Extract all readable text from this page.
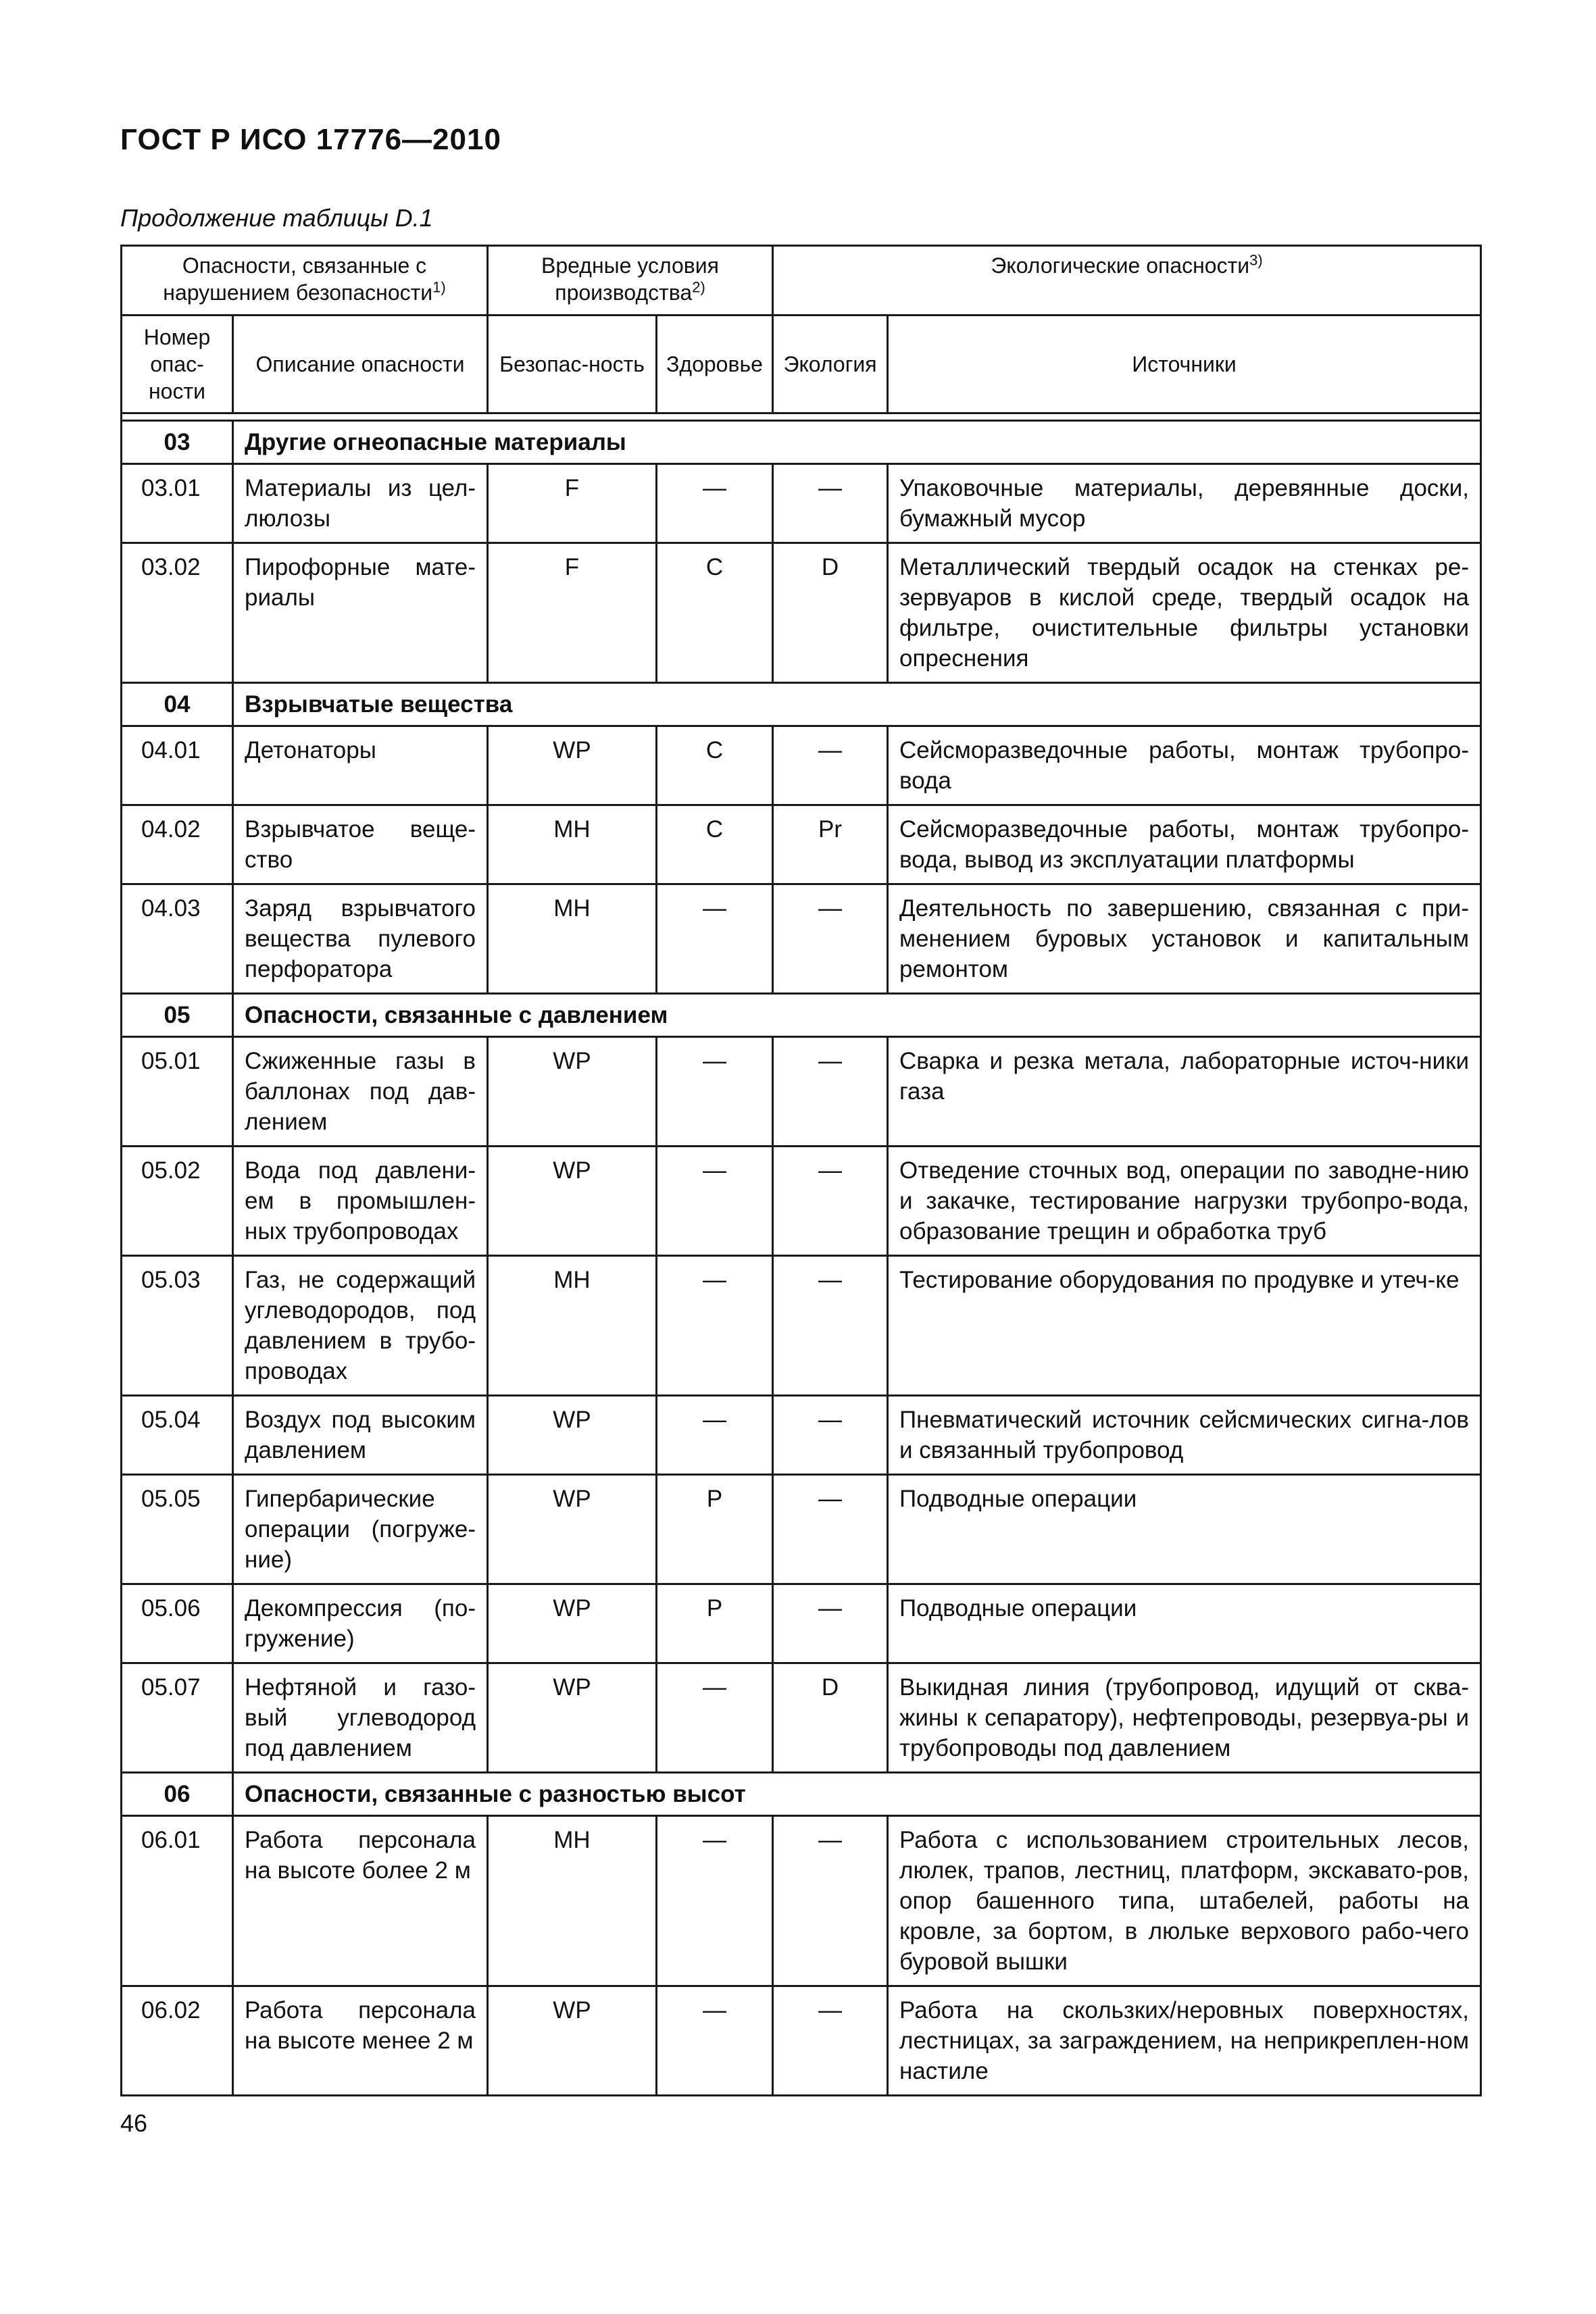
ГОСТ Р ИСО 17776—2010
Продолжение таблицы D.1
Опасности, связанные с нарушением безопасности$^{1)}$		Вредные условия производства$^{2)}$		Экологические опасности$^{3)}$
Номер опас-ности	Описание опасности	Безопас-ность	Здоровье	Экология	Источники

03	Другие огнеопасные материалы				
03.01	Материалы из цел-люлозы	F	—	—	Упаковочные материалы, деревянные доски, бумажный мусор
03.02	Пирофорные мате-риалы	F	C	D	Металлический твердый осадок на стенках ре-зервуаров в кислой среде, твердый осадок на фильтре, очистительные фильтры установки опреснения
04	Взрывчатые вещества				
04.01	Детонаторы	WP	C	—	Сейсморазведочные работы, монтаж трубопро-вода
04.02	Взрывчатое веще-ство	MH	C	Pr	Сейсморазведочные работы, монтаж трубопро-вода, вывод из эксплуатации платформы
04.03	Заряд взрывчатого вещества пулевого перфоратора	MH	—	—	Деятельность по завершению, связанная с при-менением буровых установок и капитальным ремонтом
05	Опасности, связанные с давлением				
05.01	Сжиженные газы в баллонах под дав-лением	WP	—	—	Сварка и резка метала, лабораторные источ-ники газа
05.02	Вода под давлени-ем в промышлен-ных трубопроводах	WP	—	—	Отведение сточных вод, операции по заводне-нию и закачке, тестирование нагрузки трубопро-вода, образование трещин и обработка труб
05.03	Газ, не содержащий углеводородов, под давлением в трубо-проводах	MH	—	—	Тестирование оборудования по продувке и утеч-ке
05.04	Воздух под высоким давлением	WP	—	—	Пневматический источник сейсмических сигна-лов и связанный трубопровод
05.05	Гипербарические операции (погруже-ние)	WP	P	—	Подводные операции
05.06	Декомпрессия (по-гружение)	WP	P	—	Подводные операции
05.07	Нефтяной и газо-вый углеводород под давлением	WP	—	D	Выкидная линия (трубопровод, идущий от сква-жины к сепаратору), нефтепроводы, резервуа-ры и трубопроводы под давлением
06	Опасности, связанные с разностью высот				
06.01	Работа персонала на высоте более 2 м	MH	—	—	Работа с использованием строительных лесов, люлек, трапов, лестниц, платформ, экскавато-ров, опор башенного типа, штабелей, работы на кровле, за бортом, в люльке верхового рабо-чего буровой вышки
06.02	Работа персонала на высоте менее 2 м	WP	—	—	Работа на скользких/неровных поверхностях, лестницах, за заграждением, на неприкреплен-ном настиле
46
